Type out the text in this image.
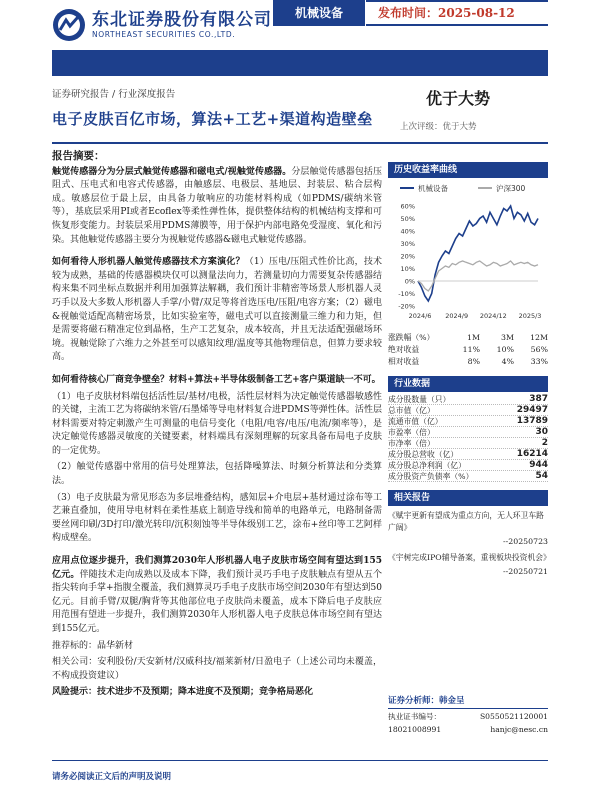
东北证券股份有限公司
NORTHEAST SECURITIES CO.,LTD.
机械设备	发布时间：2025-08-12
证券研究报告 / 行业深度报告	优于大势
电子皮肤百亿市场，算法+工艺+渠道构造壁垒	上次评级：优于大势
报告摘要：

触觉传感器分为分层式触觉传感器和磁电式/视触觉传感器。分层触觉传感器包括压阻式、压电式和电容式传感器，由触感层、电极层、基地层、封装层、粘合层构成。敏感层位于最上层，由具备力敏响应的功能材料构成（如PDMS/碳纳米管等），基底层采用PI或者Ecoflex等柔性弹性体，提供整体结构的机械结构支撑和可恢复形变能力。封装层采用PDMS薄膜等，用于保护内部电路免受湿度、氧化和污染。其他触觉传感器主要分为视触觉传感器&磁电式触觉传感器。

如何看待人形机器人触觉传感器技术方案演化？（1）压电/压阻式性价比高，技术较为成熟，基础的传感器模块仅可以测量法向力，若测量切向力需要复杂传感器结构来集不同坐标点数据并利用加强算法解耦，我们预计非精密等场景人形机器人灵巧手以及大多数人形机器人手掌/小臂/双足等将首选压电/压阻/电容方案；（2）磁电&视触觉适配高精密场景，比如实验室等，磁电式可以直接测量三维力和力矩，但是需要将磁石精准定位到晶格，生产工艺复杂，成本较高，并且无法适配强磁场环境。视触觉除了六维力之外甚至可以感知纹理/温度等其他物理信息，但算力要求较高。

如何看待核心厂商竞争壁垒？材料+算法+半导体级制备工艺+客户渠道缺一不可。

（1）电子皮肤材料端包括活性层/基材/电极，活性层材料为决定触觉传感器敏感性的关键，主流工艺为将碳纳米管/石墨烯等导电材料复合进PDMS等弹性体。活性层材料需要对特定刺激产生可测量的电信号变化（电阻/电容/电压/电流/频率等），是决定触觉传感器灵敏度的关键要素，材料端具有深刻理解的玩家具备布局电子皮肤的一定优势。

（2）触觉传感器中常用的信号处理算法，包括降噪算法、时频分析算法和分类算法。

（3）电子皮肤最为常见形态为多层堆叠结构，感知层+介电层+基材通过涂布等工艺兼直叠加，使用导电材料在柔性基底上制造导线和简单的电路单元，电路制备需要丝网印刷/3D打印/激光转印/沉积刻蚀等半导体级别工艺，涂布+丝印等工艺阿样构成壁垒。

应用点位逐步提升，我们测算2030年人形机器人电子皮肤市场空间有望达到155亿元。伴随技术走向成熟以及成本下降，我们预计灵巧手电子皮肤触点有望从五个指尖转向手掌+指腹全覆盖，我们测算灵巧手电子皮肤市场空间2030年有望达到50亿元。目前手臂/双腿/胸背等其他部位电子皮肤尚未覆盖，成本下降后电子皮肤应用范围有望进一步提升，我们测算2030年人形机器人电子皮肤总体市场空间有望达到155亿元。

推荐标的：晶华新材

相关公司：安利股份/天安新材/汉威科技/福莱新材/日盈电子（上述公司均未覆盖，不构成投资建议）

风险提示：技术进步不及预期；降本进度不及预期；竞争格局恶化

历史收益率曲线
机械设备	沪深300
60%
50%
40%
30%
20%
10%
0%
-10%
-20%
2024/6 2024/9 2024/12 2025/3
涨跌幅（%）	1M	3M	12M
绝对收益	11%	10%	56%
相对收益	8%	4%	33%
行业数据
成分股数量（只）	387
总市值（亿）	29497
流通市值（亿）	13789
市盈率（倍）	30
市净率（倍）	2
成分股总营收（亿）	16214
成分股总净利润（亿）	944
成分股资产负债率（%）	54
相关报告
《赋宇更新有望成为重点方向，无人环卫车路广阔》
--20250723
《宇树完成IPO辅导备案，重视板块投资机会》
--20250721
证券分析师：韩金呈
执业证书编号：	S0550521120001
18021008991	hanjc@nesc.cn
请务必阅读正文后的声明及说明
